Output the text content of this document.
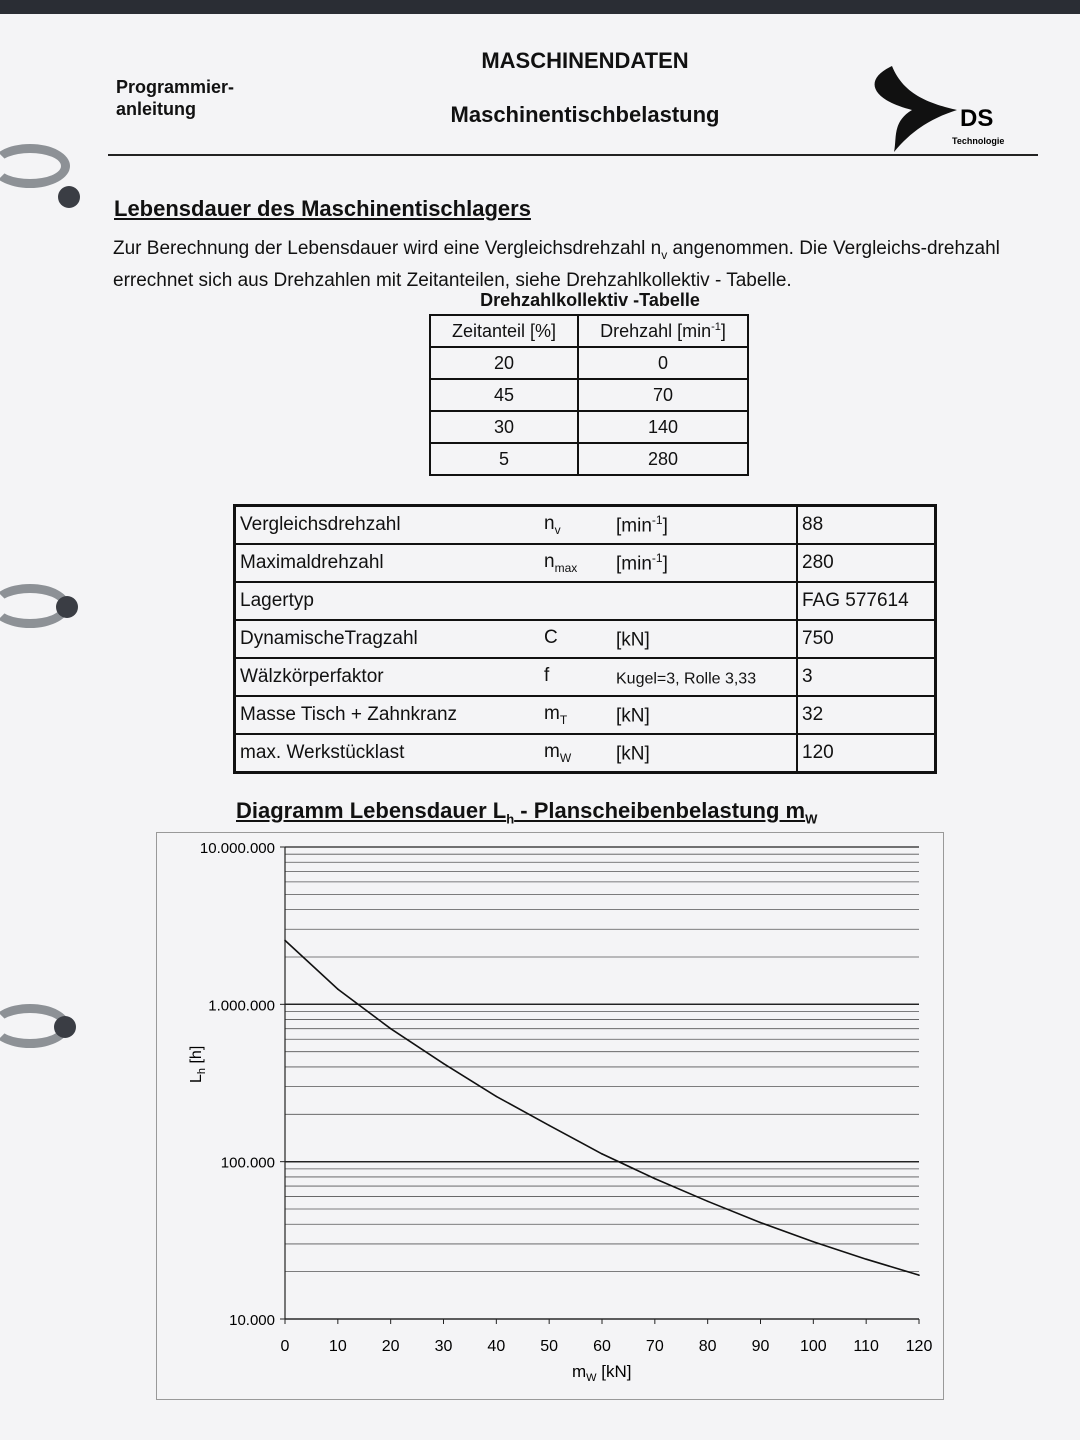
Programmier-
anleitung
MASCHINENDATEN
Maschinentischbelastung	DS
Technologie
Lebensdauer des Maschinentischlagers
Zur Berechnung der Lebensdauer wird eine Vergleichsdrehzahl $n_v$ angenommen. Die Vergleichs-drehzahl errechnet sich aus Drehzahlen mit Zeitanteilen, siehe Drehzahlkollektiv - Tabelle.
Drehzahlkollektiv -Tabelle
Zeitanteil [%]	Drehzahl $[\min^{-1}]$
20	0
45	70
30	140
5	280
Vergleichsdrehzahl	$n_v$	$[\min^{-1}]$	88
Maximaldrehzahl	$n_{max}$	$[\min^{-1}]$	280
Lagertyp			FAG 577614
DynamischeTragzahl	C	[kN]	750
Wälzkörperfaktor	f	Kugel=3, Rolle 3,33	3
Masse Tisch + Zahnkranz	$m_T$	[kN]	32
max. Werkstücklast	$m_W$	[kN]	120
Diagramm Lebensdauer $L_h$ - Planscheibenbelastung $m_W$
10.000
100.000
1.000.000
10.000.000
0 10 20 30 40 50 60 70 80 90 100 110 120
$L_h$ [h]
$m_W$ [kN]
